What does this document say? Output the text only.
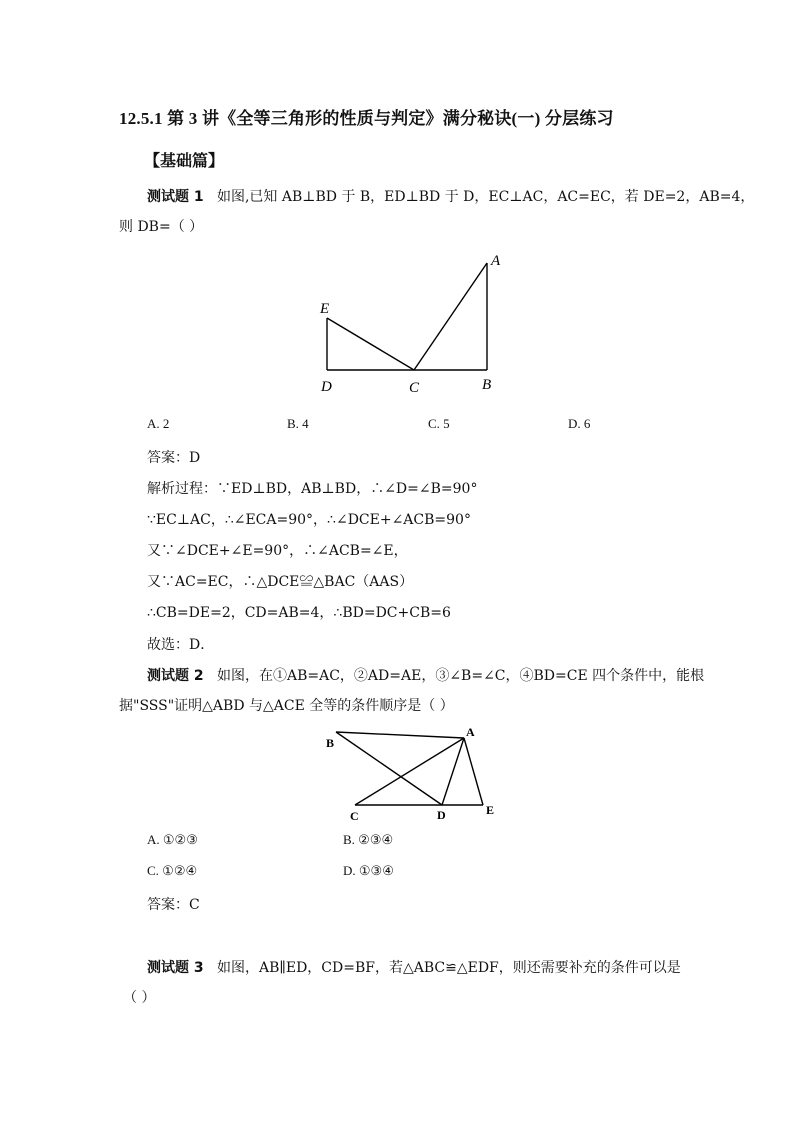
12.5.1 第 3 讲《全等三角形的性质与判定》满分秘诀(一) 分层练习
【基础篇】
测试题 1 如图,已知 AB⊥BD 于 B，ED⊥BD 于 D，EC⊥AC，AC=EC，若 DE=2，AB=4，
则 DB=（ ）
A
E
D	C	B
A. 2	B. 4	C. 5	D. 6
答案：D
解析过程：∵ED⊥BD，AB⊥BD，∴∠D=∠B=90°
∵EC⊥AC，∴∠ECA=90°，∴∠DCE+∠ACB=90°
又∵∠DCE+∠E=90°，∴∠ACB=∠E，
又∵AC=EC，∴△DCE≌△BAC（AAS）
∴CB=DE=2，CD=AB=4，∴BD=DC+CB=6
故选：D．
测试题 2 如图，在①AB=AC，②AD=AE，③∠B=∠C，④BD=CE 四个条件中，能根
据"SSS"证明△ABD 与△ACE 全等的条件顺序是（ ）
A
B
C	D	E
A. ①②③	B. ②③④
C. ①②④	D. ①③④
答案：C
测试题 3 如图，AB∥ED，CD=BF，若△ABC≌△EDF，则还需要补充的条件可以是
（ ）
